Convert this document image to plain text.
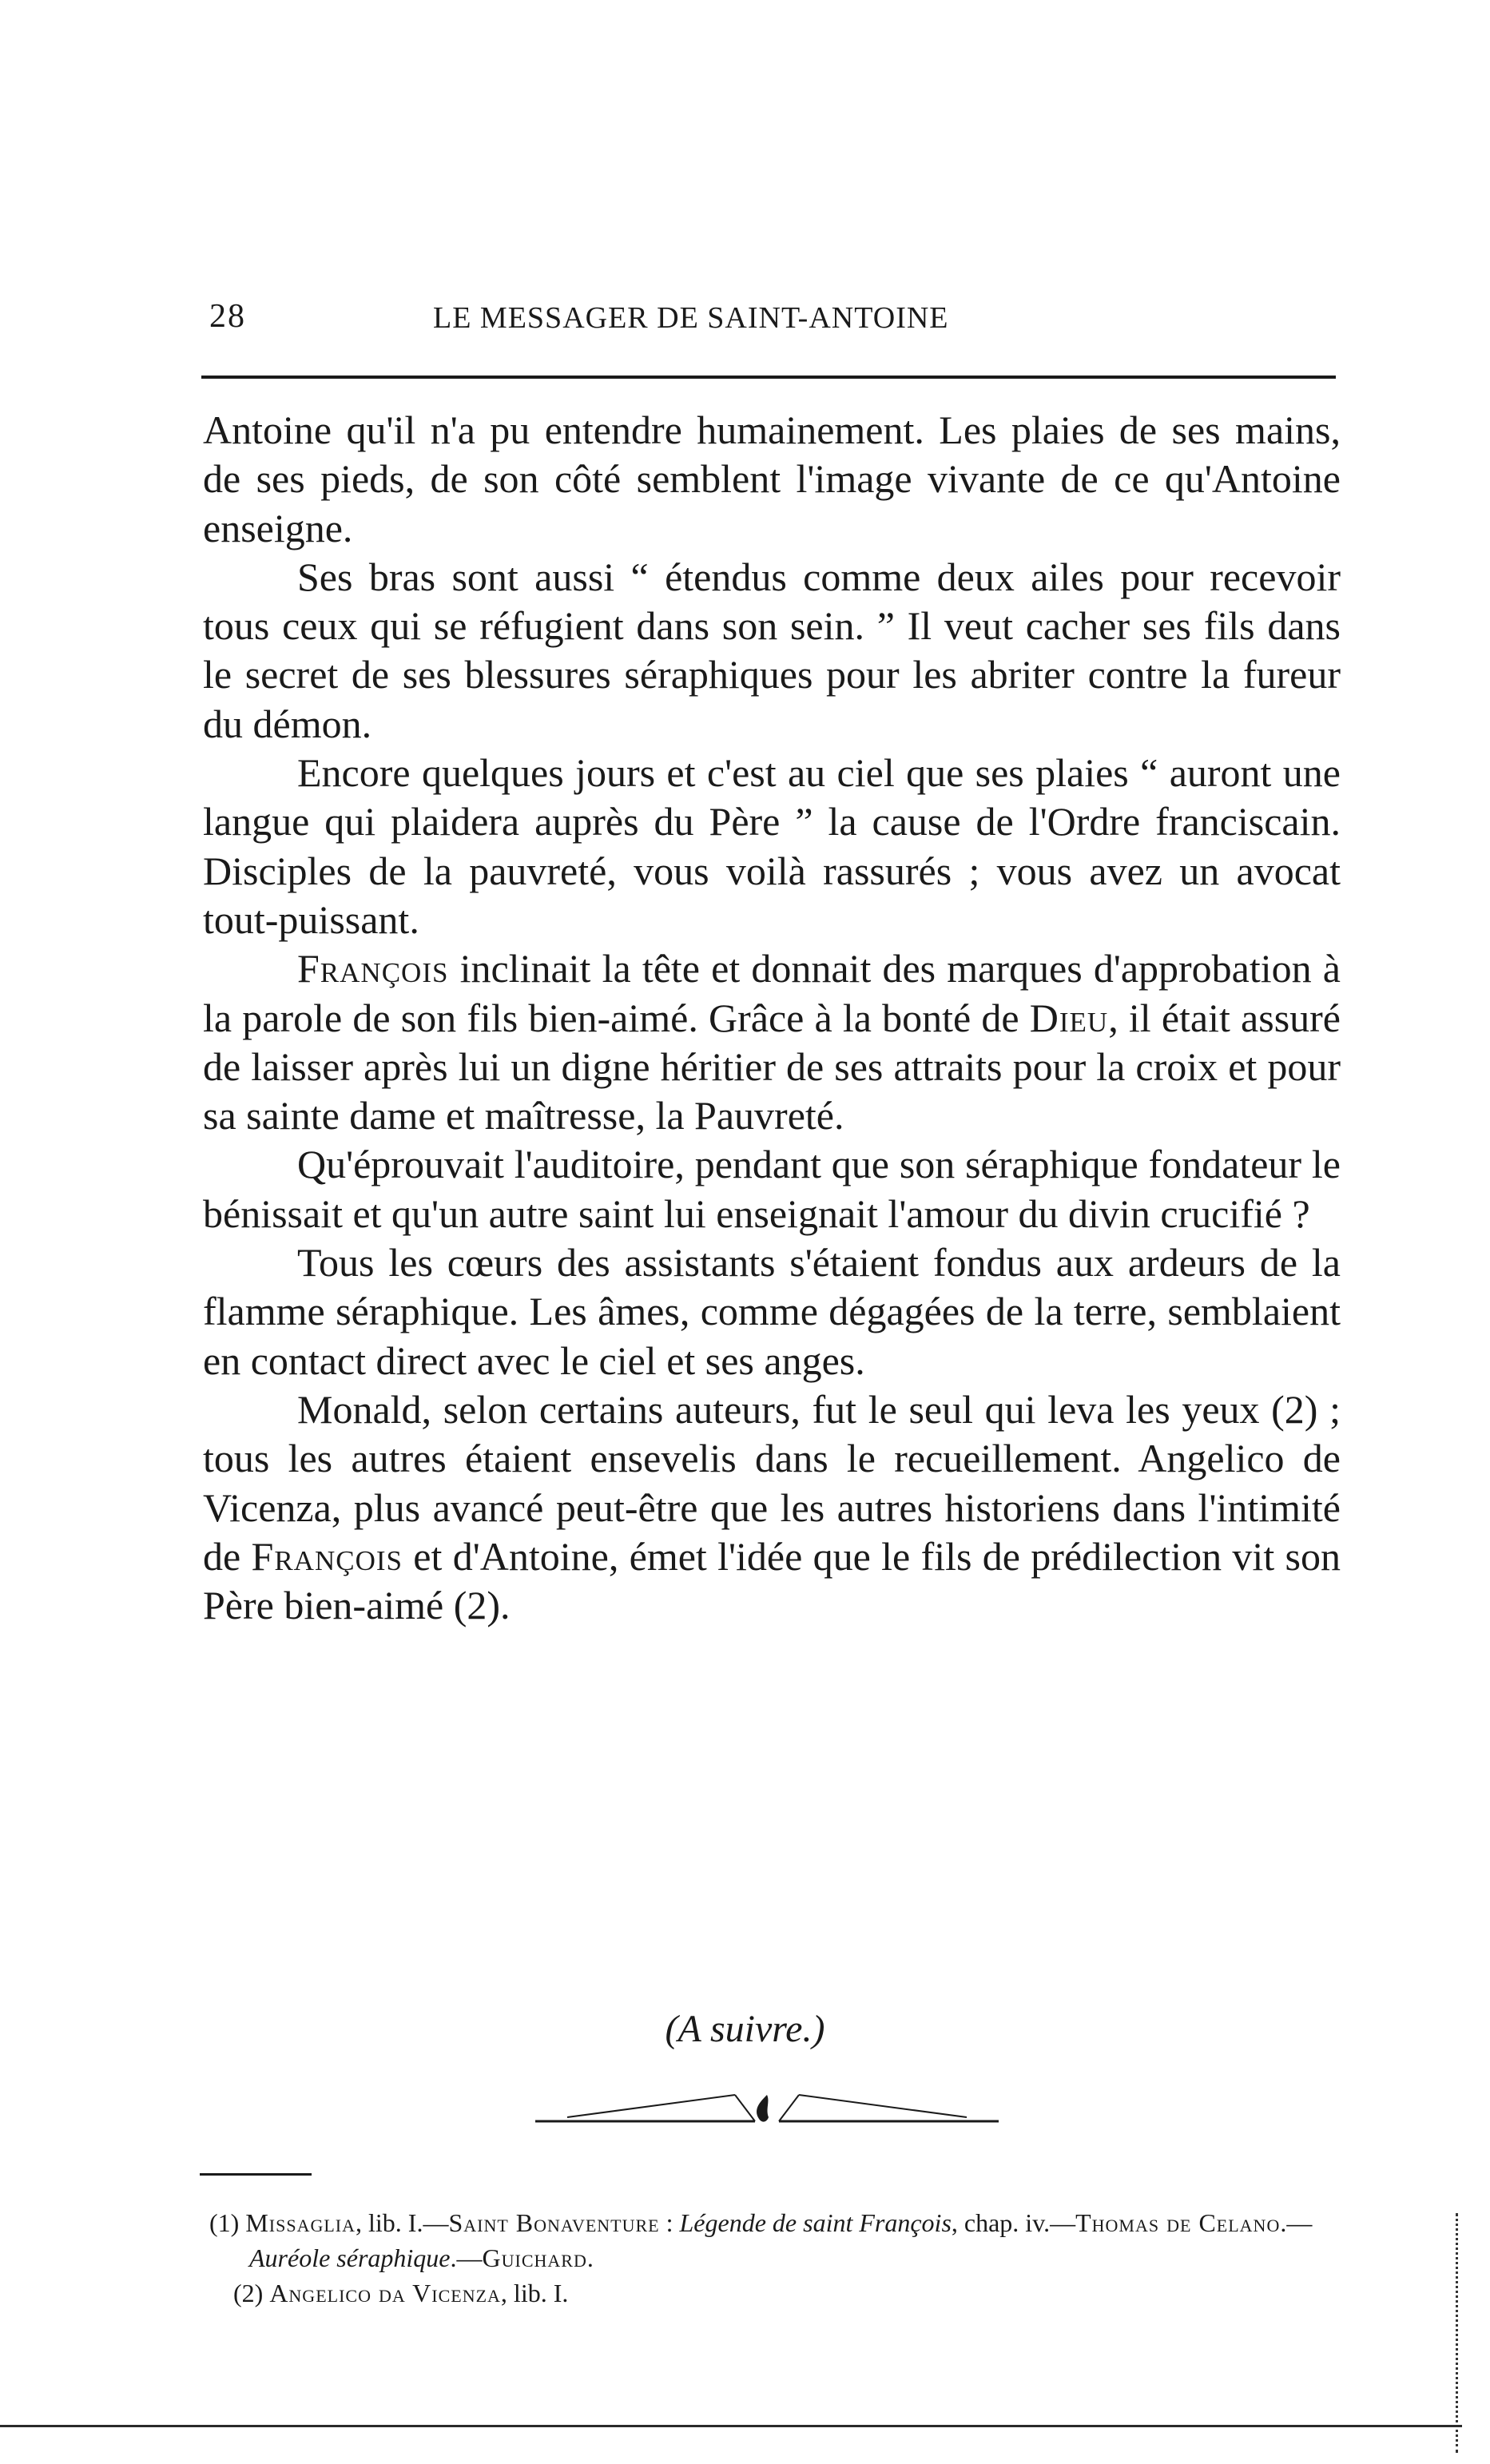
28	LE MESSAGER DE SAINT-ANTOINE

Antoine qu'il n'a pu entendre humainement. Les plaies de ses mains, de ses pieds, de son côté semblent l'image vivante de ce qu'Antoine enseigne.

Ses bras sont aussi “ étendus comme deux ailes pour recevoir tous ceux qui se réfugient dans son sein. ” Il veut cacher ses fils dans le secret de ses blessures séraphiques pour les abriter contre la fureur du démon.

Encore quelques jours et c'est au ciel que ses plaies “ auront une langue qui plaidera auprès du Père ” la cause de l'Ordre franciscain. Disciples de la pauvreté, vous voilà rassurés ; vous avez un avocat tout-puissant.

François inclinait la tête et donnait des marques d'approbation à la parole de son fils bien-aimé. Grâce à la bonté de Dieu, il était assuré de laisser après lui un digne héritier de ses attraits pour la croix et pour sa sainte dame et maîtresse, la Pauvreté.

Qu'éprouvait l'auditoire, pendant que son séraphique fondateur le bénissait et qu'un autre saint lui enseignait l'amour du divin crucifié ?

Tous les cœurs des assistants s'étaient fondus aux ardeurs de la flamme séraphique. Les âmes, comme dégagées de la terre, semblaient en contact direct avec le ciel et ses anges.

Monald, selon certains auteurs, fut le seul qui leva les yeux (2) ; tous les autres étaient ensevelis dans le recueillement. Angelico de Vicenza, plus avancé peut-être que les autres historiens dans l'intimité de François et d'Antoine, émet l'idée que le fils de prédilection vit son Père bien-aimé (2).

(A suivre.)

(1) Missaglia, lib. I.—Saint Bonaventure : Légende de saint François, chap. iv.—Thomas de Celano.—Auréole séraphique.—Guichard.

(2) Angelico da Vicenza, lib. I.
